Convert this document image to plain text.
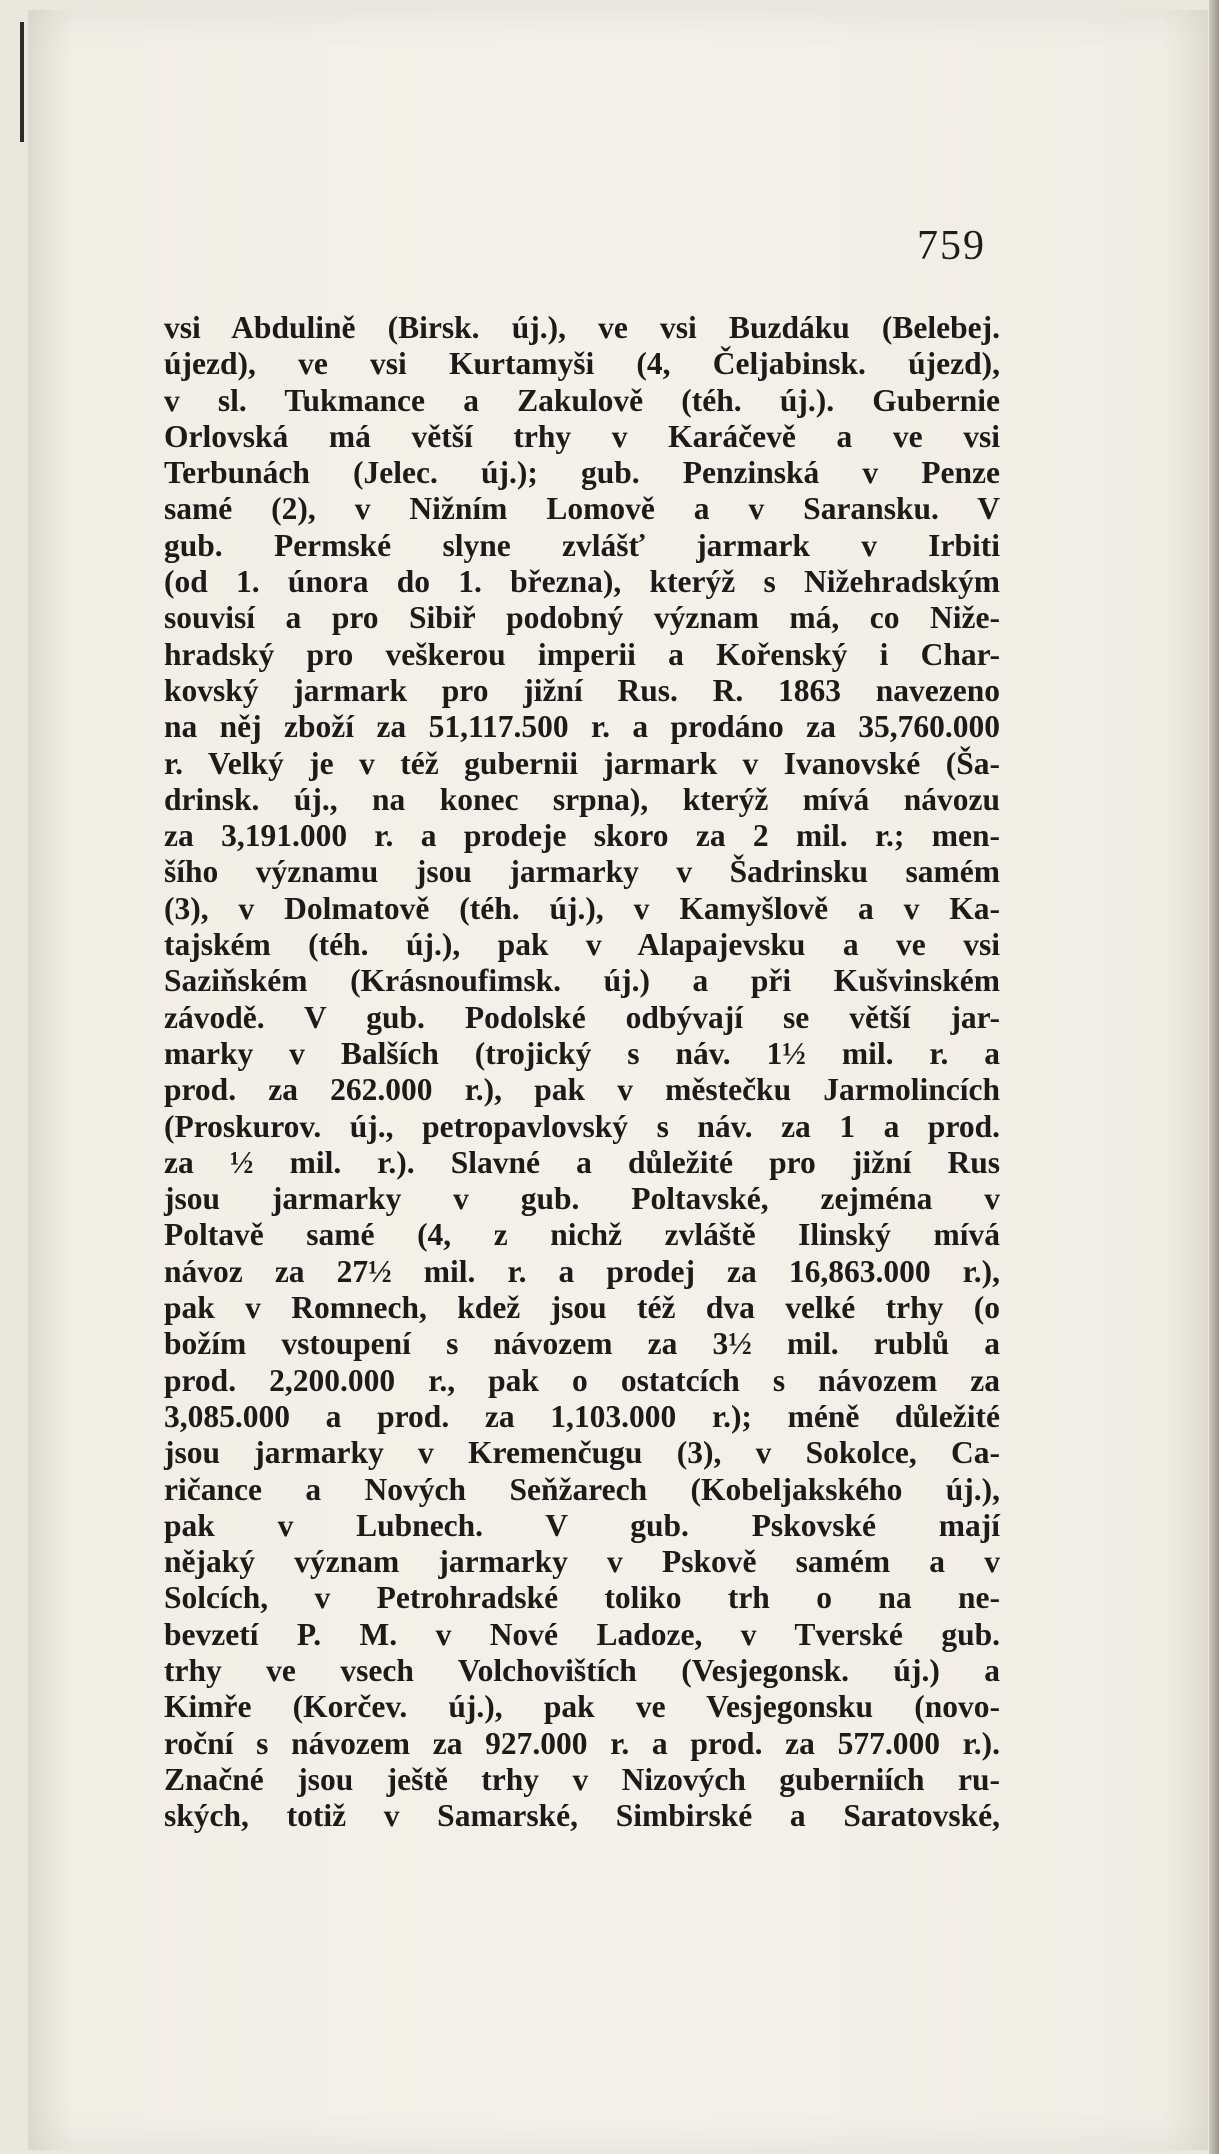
759
vsi Abdulině (Birsk. új.), ve vsi Buzdáku (Belebej.
újezd), ve vsi Kurtamyši (4, Čeljabinsk. újezd),
v sl. Tukmance a Zakulově (téh. új.). Gubernie
Orlovská má větší trhy v Karáčevě a ve vsi
Terbunách (Jelec. új.); gub. Penzinská v Penze
samé (2), v Nižním Lomově a v Saransku. V
gub. Permské slyne zvlášť jarmark v Irbiti
(od 1. února do 1. března), kterýž s Nižehradským
souvisí a pro Sibiř podobný význam má, co Niže-
hradský pro veškerou imperii a Kořenský i Char-
kovský jarmark pro jižní Rus. R. 1863 navezeno
na něj zboží za 51,117.500 r. a prodáno za 35,760.000
r. Velký je v též gubernii jarmark v Ivanovské (Ša-
drinsk. új., na konec srpna), kterýž mívá návozu
za 3,191.000 r. a prodeje skoro za 2 mil. r.; men-
šího významu jsou jarmarky v Šadrinsku samém
(3), v Dolmatově (téh. új.), v Kamyšlově a v Ka-
tajském (téh. új.), pak v Alapajevsku a ve vsi
Saziňském (Krásnoufimsk. új.) a při Kušvinském
závodě. V gub. Podolské odbývají se větší jar-
marky v Balších (trojický s náv. 1½ mil. r. a
prod. za 262.000 r.), pak v městečku Jarmolincích
(Proskurov. új., petropavlovský s náv. za 1 a prod.
za ½ mil. r.). Slavné a důležité pro jižní Rus
jsou jarmarky v gub. Poltavské, zejména v
Poltavě samé (4, z nichž zvláště Ilinský mívá
návoz za 27½ mil. r. a prodej za 16,863.000 r.),
pak v Romnech, kdež jsou též dva velké trhy (o
božím vstoupení s návozem za 3½ mil. rublů a
prod. 2,200.000 r., pak o ostatcích s návozem za
3,085.000 a prod. za 1,103.000 r.); méně důležité
jsou jarmarky v Kremenčugu (3), v Sokolce, Ca-
ričance a Nových Seňžarech (Kobeljakského új.),
pak v Lubnech. V gub. Pskovské mají
nějaký význam jarmarky v Pskově samém a v
Solcích, v Petrohradské toliko trh o na ne-
bevzetí P. M. v Nové Ladoze, v Tverské gub.
trhy ve vsech Volchovištích (Vesjegonsk. új.) a
Kimře (Korčev. új.), pak ve Vesjegonsku (novo-
roční s návozem za 927.000 r. a prod. za 577.000 r.).
Značné jsou ještě trhy v Nizových guberniích ru-
ských, totiž v Samarské, Simbirské a Saratovské,
